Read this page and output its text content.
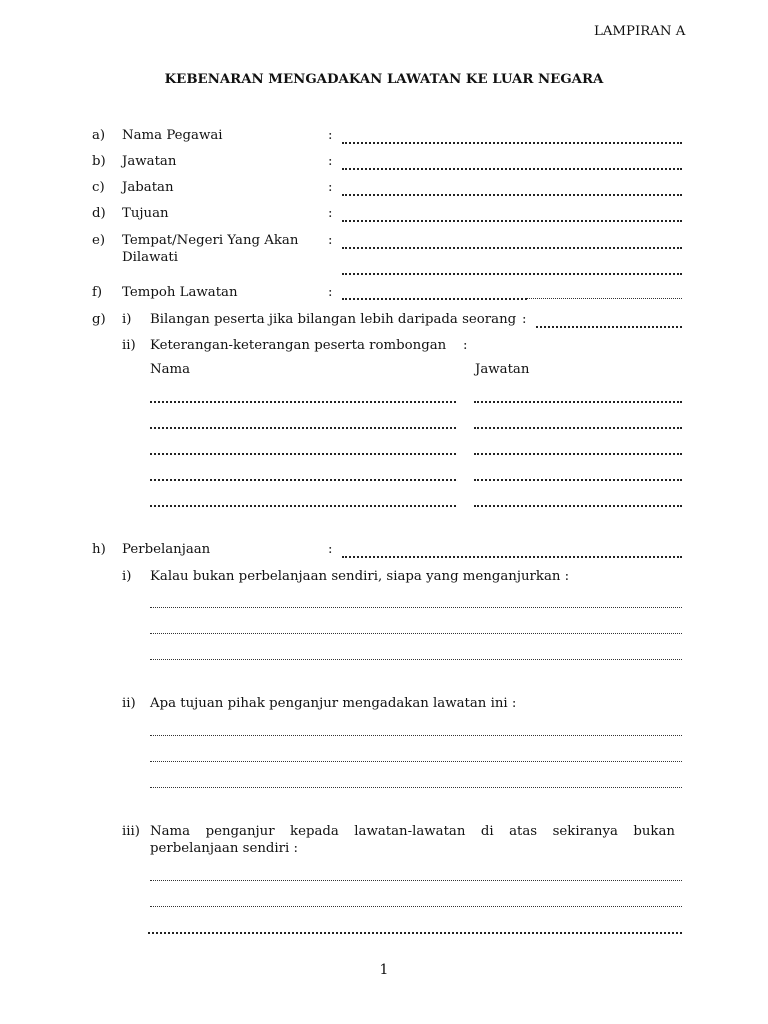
LAMPIRAN A
KEBENARAN MENGADAKAN LAWATAN KE LUAR NEGARA
a) Nama Pegawai	:
b) Jawatan	:
c) Jabatan	:
d) Tujuan	:
e) Tempat/Negeri Yang Akan
Dilawati
:
f) Tempoh Lawatan	:
g) i) Bilangan peserta jika bilangan lebih daripada seorang :
ii) Keterangan-keterangan peserta rombongan :
Nama	Jawatan
h) Perbelanjaan	:
i) Kalau bukan perbelanjaan sendiri, siapa yang menganjurkan :
ii) Apa tujuan pihak penganjur mengadakan lawatan ini :
iii) Nama penganjur kepada lawatan-lawatan di atas sekiranya bukan
perbelanjaan sendiri :
1
